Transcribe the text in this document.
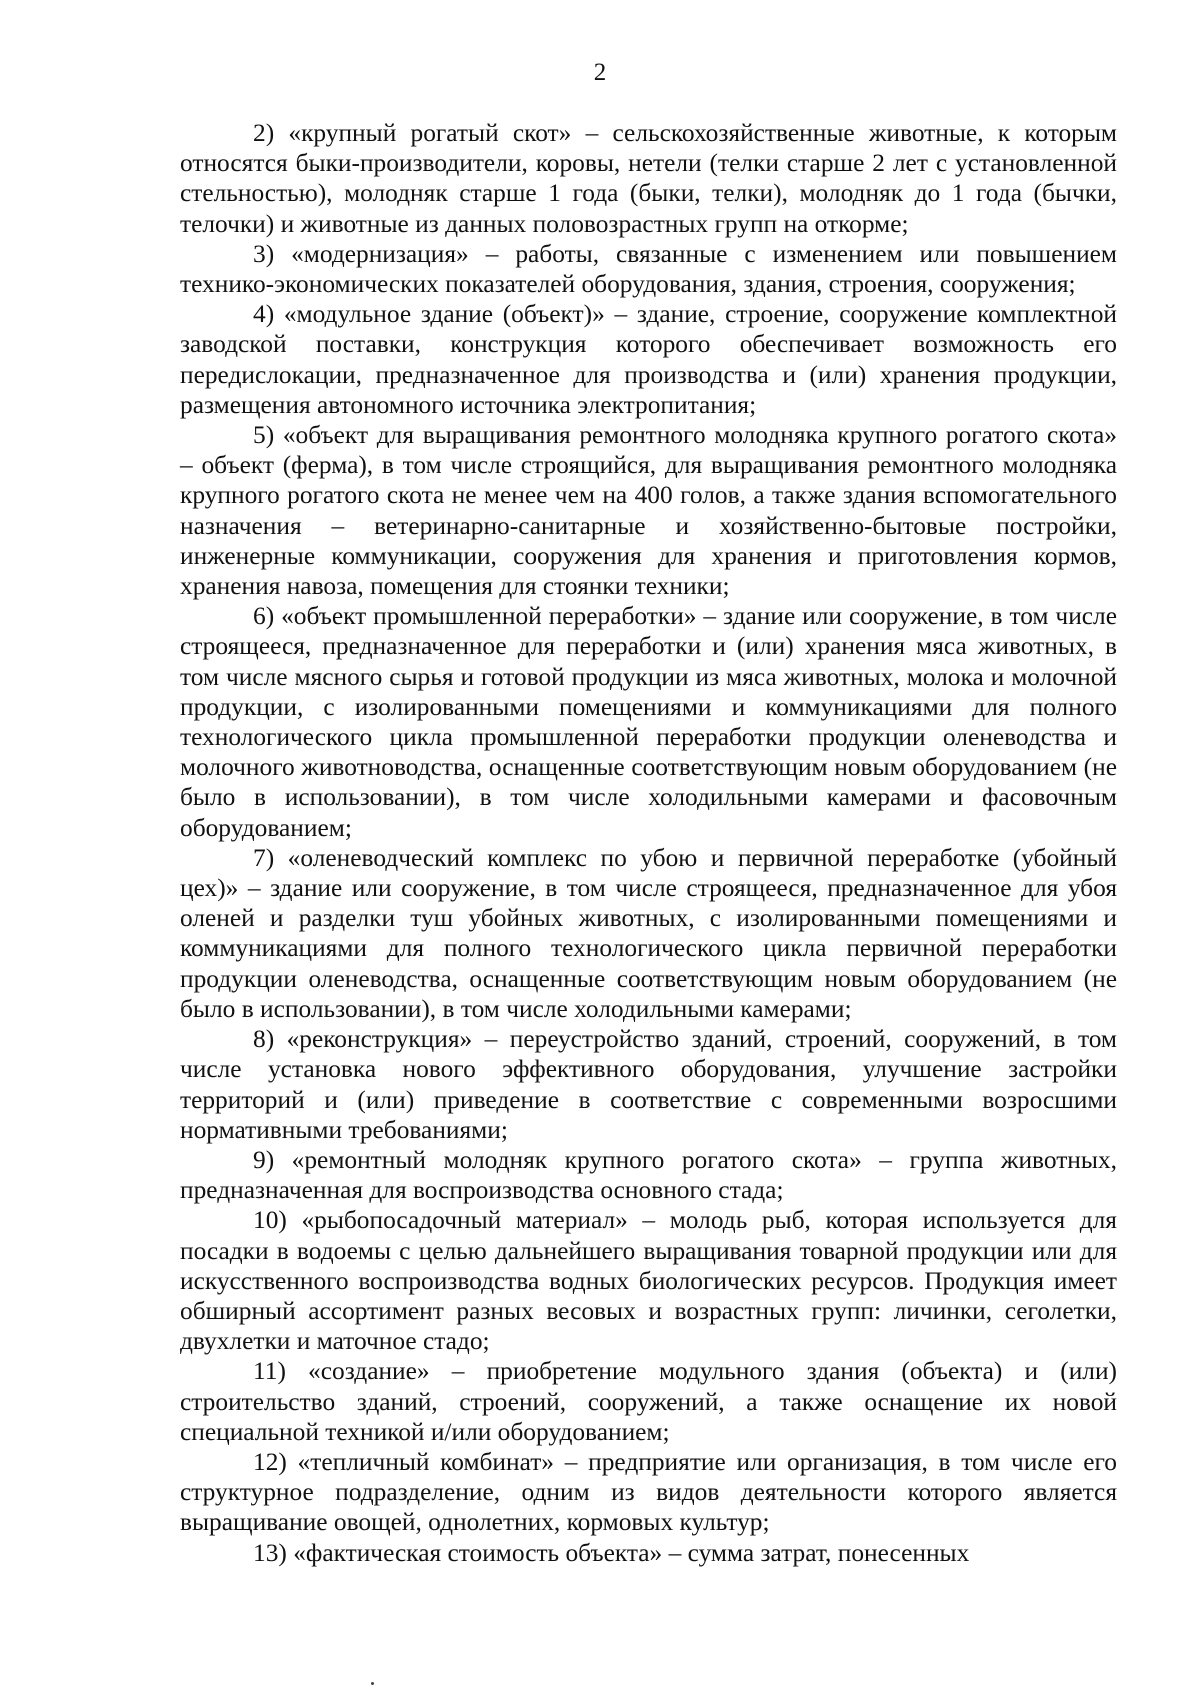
2

2) «крупный рогатый скот» – сельскохозяйственные животные, к которым относятся быки-производители, коровы, нетели (телки старше 2 лет с установленной стельностью), молодняк старше 1 года (быки, телки), молодняк до 1 года (бычки, телочки) и животные из данных половозрастных групп на откорме;

3) «модернизация» – работы, связанные с изменением или повышением технико-экономических показателей оборудования, здания, строения, сооружения;

4) «модульное здание (объект)» – здание, строение, сооружение комплектной заводской поставки, конструкция которого обеспечивает возможность его передислокации, предназначенное для производства и (или) хранения продукции, размещения автономного источника электропитания;

5) «объект для выращивания ремонтного молодняка крупного рогатого скота» – объект (ферма), в том числе строящийся, для выращивания ремонтного молодняка крупного рогатого скота не менее чем на 400 голов, а также здания вспомогательного назначения – ветеринарно-санитарные и хозяйственно-бытовые постройки, инженерные коммуникации, сооружения для хранения и приготовления кормов, хранения навоза, помещения для стоянки техники;

6) «объект промышленной переработки» – здание или сооружение, в том числе строящееся, предназначенное для переработки и (или) хранения мяса животных, в том числе мясного сырья и готовой продукции из мяса животных, молока и молочной продукции, с изолированными помещениями и коммуникациями для полного технологического цикла промышленной переработки продукции оленеводства и молочного животноводства, оснащенные соответствующим новым оборудованием (не было в использовании), в том числе холодильными камерами и фасовочным оборудованием;

7) «оленеводческий комплекс по убою и первичной переработке (убойный цех)» – здание или сооружение, в том числе строящееся, предназначенное для убоя оленей и разделки туш убойных животных, с изолированными помещениями и коммуникациями для полного технологического цикла первичной переработки продукции оленеводства, оснащенные соответствующим новым оборудованием (не было в использовании), в том числе холодильными камерами;

8) «реконструкция» – переустройство зданий, строений, сооружений, в том числе установка нового эффективного оборудования, улучшение застройки территорий и (или) приведение в соответствие с современными возросшими нормативными требованиями;

9) «ремонтный молодняк крупного рогатого скота» – группа животных, предназначенная для воспроизводства основного стада;

10) «рыбопосадочный материал» – молодь рыб, которая используется для посадки в водоемы с целью дальнейшего выращивания товарной продукции или для искусственного воспроизводства водных биологических ресурсов. Продукция имеет обширный ассортимент разных весовых и возрастных групп: личинки, сеголетки, двухлетки и маточное стадо;

11) «создание» – приобретение модульного здания (объекта) и (или) строительство зданий, строений, сооружений, а также оснащение их новой специальной техникой и/или оборудованием;

12) «тепличный комбинат» – предприятие или организация, в том числе его структурное подразделение, одним из видов деятельности которого является выращивание овощей, однолетних, кормовых культур;

13) «фактическая стоимость объекта» – сумма затрат, понесенных
